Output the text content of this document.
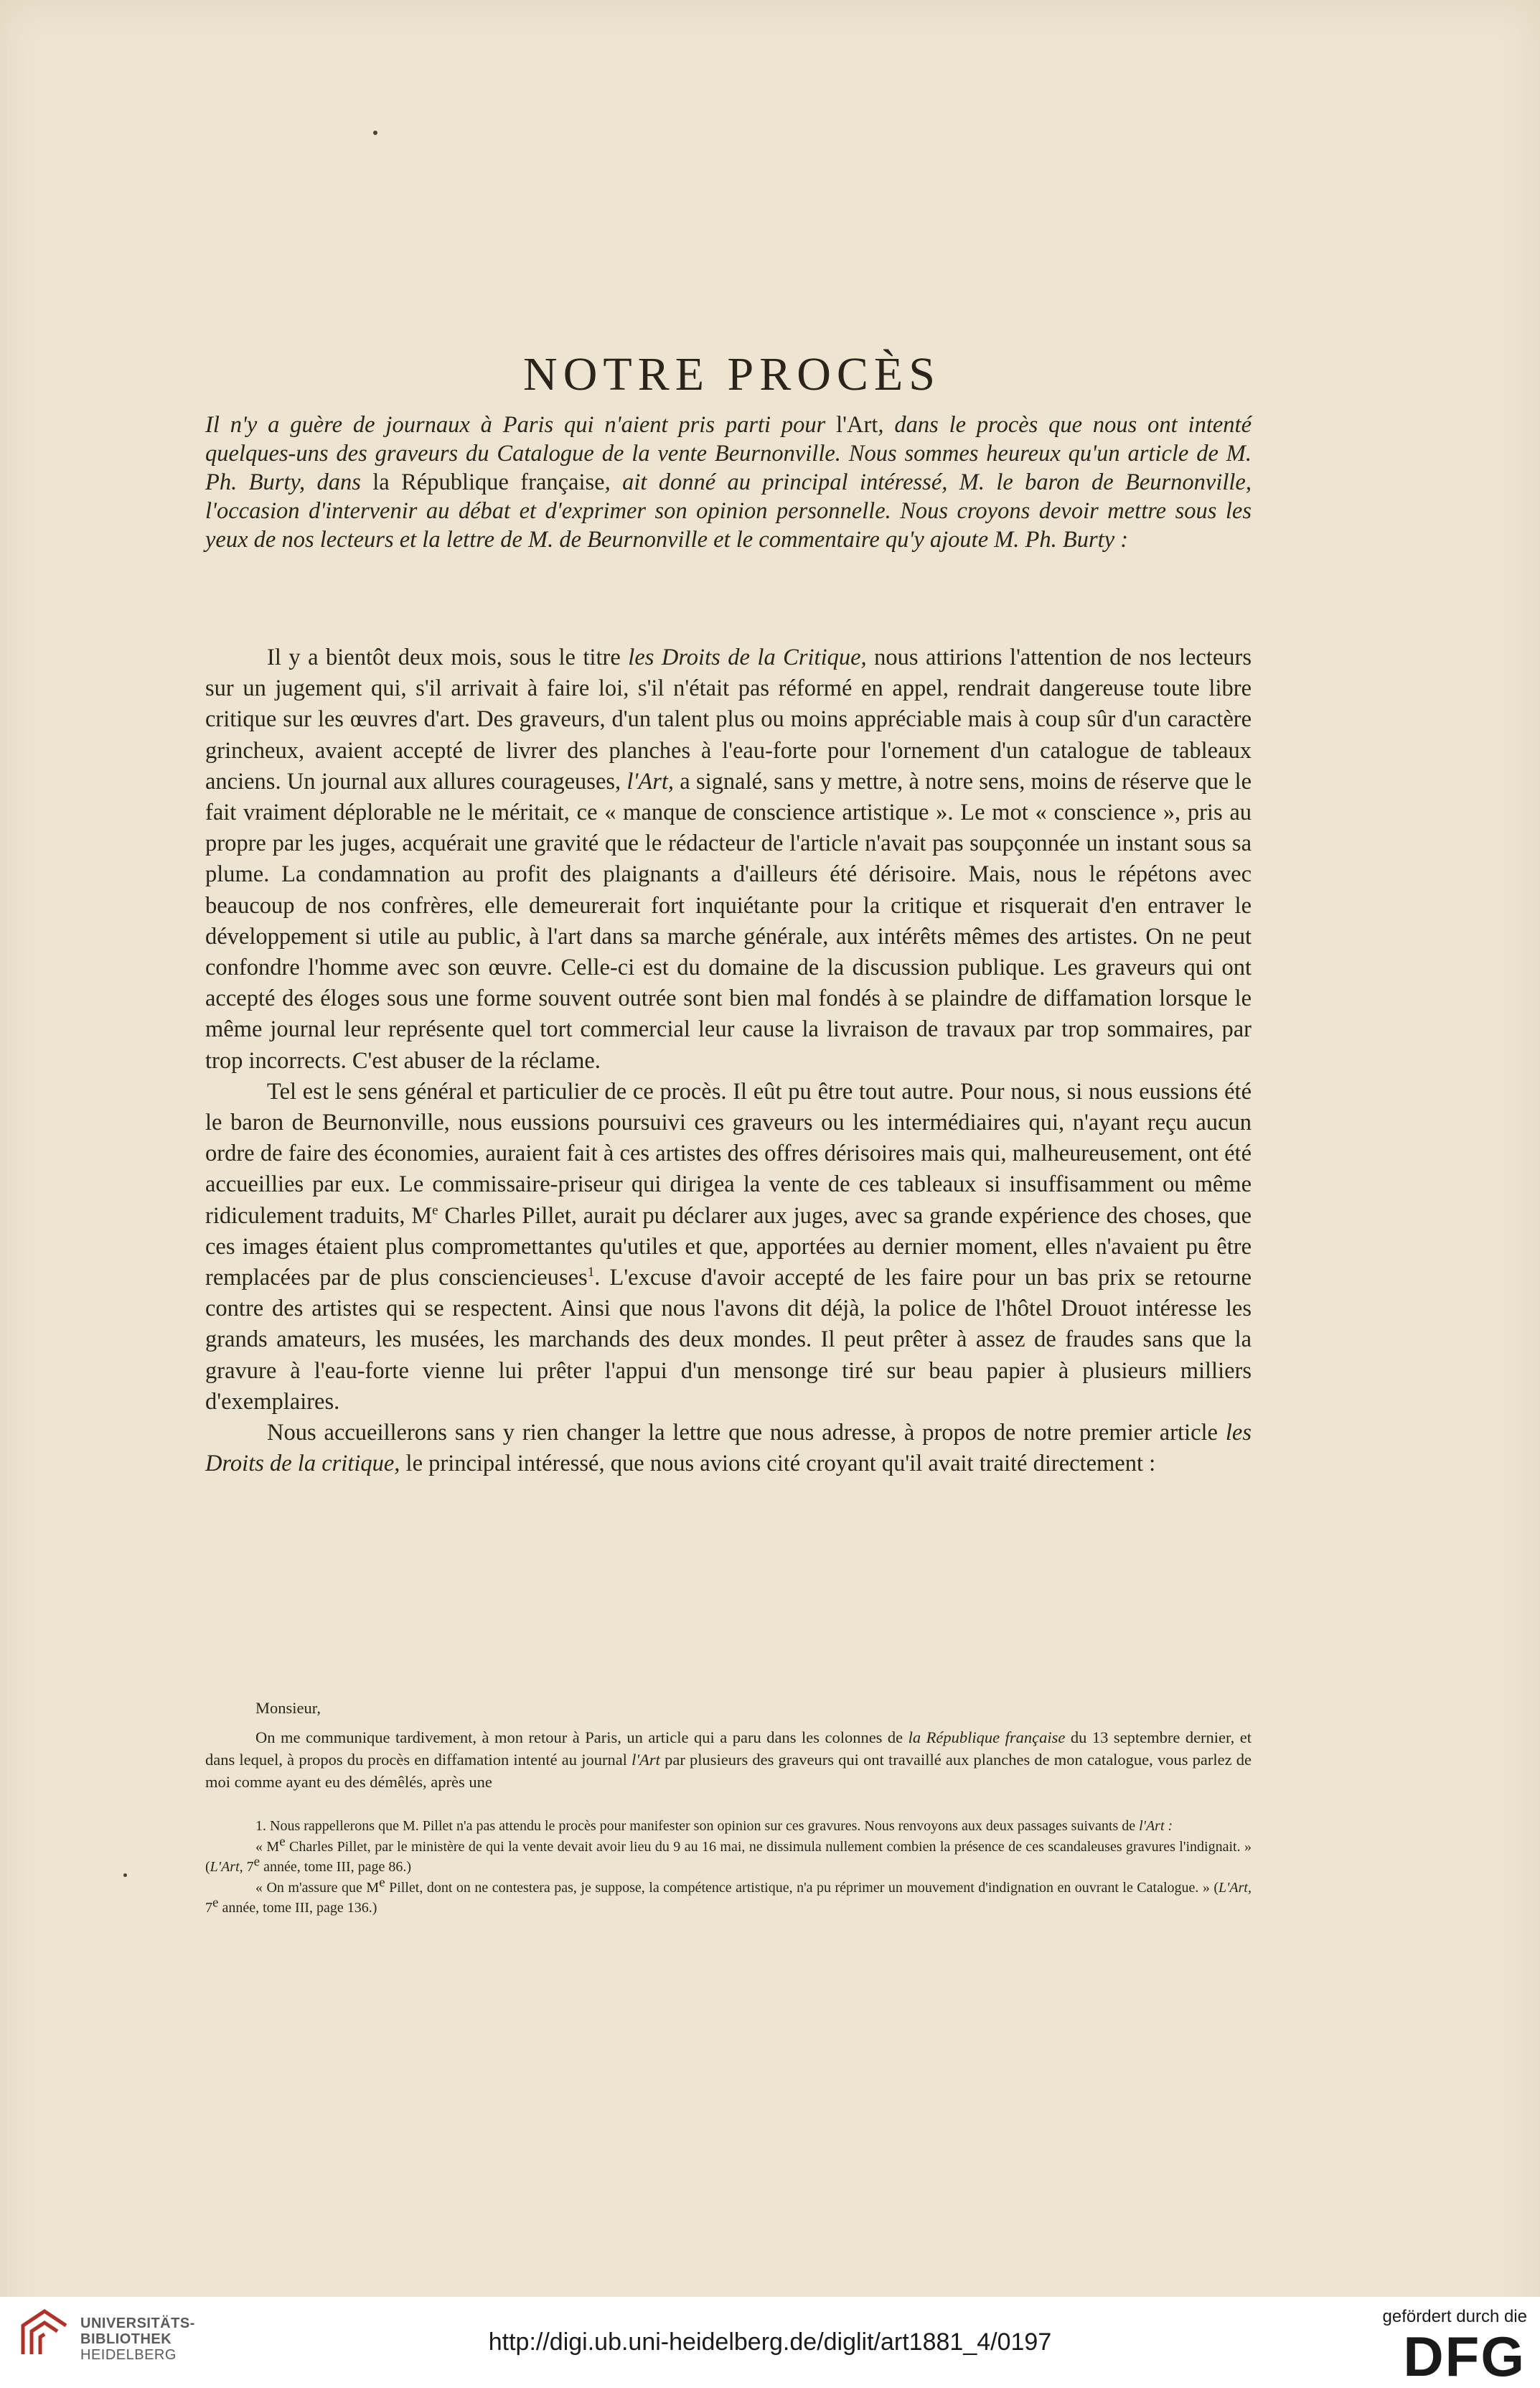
NOTRE PROCÈS

Il n'y a guère de journaux à Paris qui n'aient pris parti pour l'Art, dans le procès que nous ont intenté quelques-uns des graveurs du Catalogue de la vente Beurnonville. Nous sommes heureux qu'un article de M. Ph. Burty, dans la République française, ait donné au principal intéressé, M. le baron de Beurnonville, l'occasion d'intervenir au débat et d'exprimer son opinion personnelle. Nous croyons devoir mettre sous les yeux de nos lecteurs et la lettre de M. de Beurnonville et le commentaire qu'y ajoute M. Ph. Burty :

Il y a bientôt deux mois, sous le titre les Droits de la Critique, nous attirions l'attention de nos lecteurs sur un jugement qui, s'il arrivait à faire loi, s'il n'était pas réformé en appel, rendrait dangereuse toute libre critique sur les œuvres d'art. Des graveurs, d'un talent plus ou moins appréciable mais à coup sûr d'un caractère grincheux, avaient accepté de livrer des planches à l'eau-forte pour l'ornement d'un catalogue de tableaux anciens. Un journal aux allures courageuses, l'Art, a signalé, sans y mettre, à notre sens, moins de réserve que le fait vraiment déplorable ne le méritait, ce « manque de conscience artistique ». Le mot « conscience », pris au propre par les juges, acquérait une gravité que le rédacteur de l'article n'avait pas soupçonnée un instant sous sa plume. La condamnation au profit des plaignants a d'ailleurs été dérisoire. Mais, nous le répétons avec beaucoup de nos confrères, elle demeurerait fort inquiétante pour la critique et risquerait d'en entraver le développement si utile au public, à l'art dans sa marche générale, aux intérêts mêmes des artistes. On ne peut confondre l'homme avec son œuvre. Celle-ci est du domaine de la discussion publique. Les graveurs qui ont accepté des éloges sous une forme souvent outrée sont bien mal fondés à se plaindre de diffamation lorsque le même journal leur représente quel tort commercial leur cause la livraison de travaux par trop sommaires, par trop incorrects. C'est abuser de la réclame.

Tel est le sens général et particulier de ce procès. Il eût pu être tout autre. Pour nous, si nous eussions été le baron de Beurnonville, nous eussions poursuivi ces graveurs ou les intermédiaires qui, n'ayant reçu aucun ordre de faire des économies, auraient fait à ces artistes des offres dérisoires mais qui, malheureusement, ont été accueillies par eux. Le commissaire-priseur qui dirigea la vente de ces tableaux si insuffisamment ou même ridiculement traduits, Me Charles Pillet, aurait pu déclarer aux juges, avec sa grande expérience des choses, que ces images étaient plus compromettantes qu'utiles et que, apportées au dernier moment, elles n'avaient pu être remplacées par de plus consciencieuses$^1$. L'excuse d'avoir accepté de les faire pour un bas prix se retourne contre des artistes qui se respectent. Ainsi que nous l'avons dit déjà, la police de l'hôtel Drouot intéresse les grands amateurs, les musées, les marchands des deux mondes. Il peut prêter à assez de fraudes sans que la gravure à l'eau-forte vienne lui prêter l'appui d'un mensonge tiré sur beau papier à plusieurs milliers d'exemplaires.

Nous accueillerons sans y rien changer la lettre que nous adresse, à propos de notre premier article les Droits de la critique, le principal intéressé, que nous avions cité croyant qu'il avait traité directement :

Monsieur,

On me communique tardivement, à mon retour à Paris, un article qui a paru dans les colonnes de la République française du 13 septembre dernier, et dans lequel, à propos du procès en diffamation intenté au journal l'Art par plusieurs des graveurs qui ont travaillé aux planches de mon catalogue, vous parlez de moi comme ayant eu des démêlés, après une

1. Nous rappellerons que M. Pillet n'a pas attendu le procès pour manifester son opinion sur ces gravures. Nous renvoyons aux deux passages suivants de l'Art :

« Me Charles Pillet, par le ministère de qui la vente devait avoir lieu du 9 au 16 mai, ne dissimula nullement combien la présence de ces scandaleuses gravures l'indignait. » (L'Art, 7e année, tome III, page 86.)

« On m'assure que Me Pillet, dont on ne contestera pas, je suppose, la compétence artistique, n'a pu réprimer un mouvement d'indignation en ouvrant le Catalogue. » (L'Art, 7e année, tome III, page 136.)

UNIVERSITÄTS-
BIBLIOTHEK
HEIDELBERG	http://digi.ub.uni-heidelberg.de/diglit/art1881_4/0197
gefördert durch die
DFG
